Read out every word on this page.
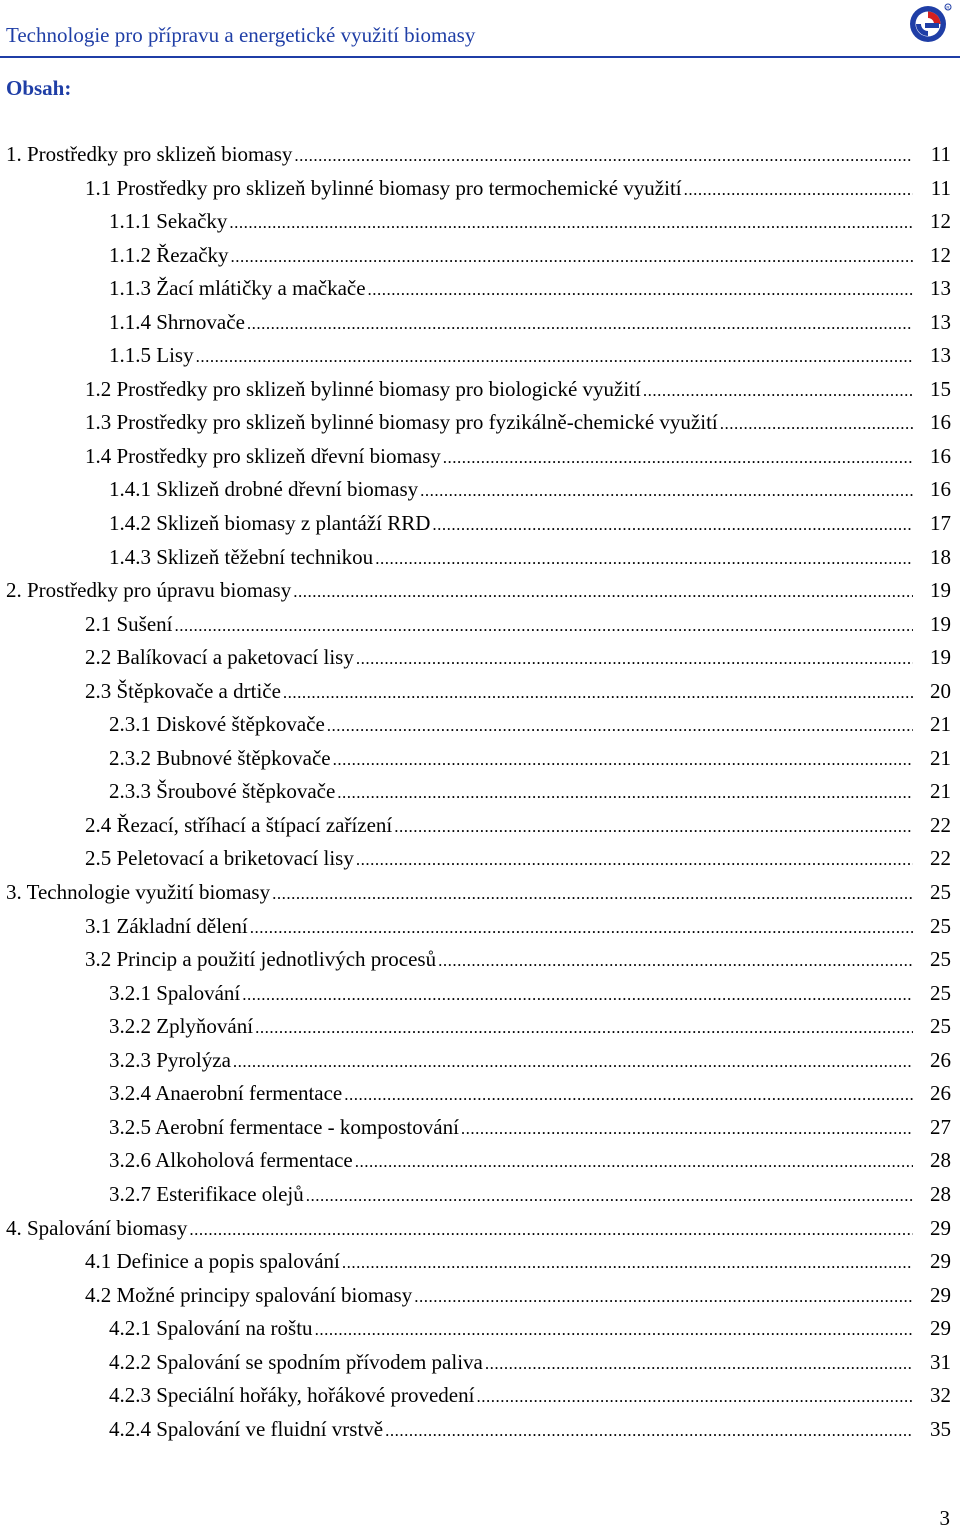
Technologie pro přípravu a energetické využití biomasy
R
Obsah:
1. Prostředky pro sklizeň biomasy .....	11
1.1 Prostředky pro sklizeň bylinné biomasy pro termochemické využití .....	11
1.1.1 Sekačky .....	12
1.1.2 Řezačky .....	12
1.1.3 Žací mlátičky a mačkače .....	13
1.1.4 Shrnovače .....	13
1.1.5 Lisy .....	13
1.2 Prostředky pro sklizeň bylinné biomasy pro biologické využití .....	15
1.3 Prostředky pro sklizeň bylinné biomasy pro fyzikálně-chemické využití .....	16
1.4 Prostředky pro sklizeň dřevní biomasy .....	16
1.4.1 Sklizeň drobné dřevní biomasy .....	16
1.4.2 Sklizeň biomasy z plantáží RRD .....	17
1.4.3 Sklizeň těžební technikou .....	18
2. Prostředky pro úpravu biomasy .....	19
2.1 Sušení .....	19
2.2 Balíkovací a paketovací lisy .....	19
2.3 Štěpkovače a drtiče .....	20
2.3.1 Diskové štěpkovače .....	21
2.3.2 Bubnové štěpkovače .....	21
2.3.3 Šroubové štěpkovače .....	21
2.4 Řezací, stříhací a štípací zařízení .....	22
2.5 Peletovací a briketovací lisy .....	22
3. Technologie využití biomasy .....	25
3.1 Základní dělení .....	25
3.2 Princip a použití jednotlivých procesů .....	25
3.2.1 Spalování .....	25
3.2.2 Zplyňování .....	25
3.2.3 Pyrolýza .....	26
3.2.4 Anaerobní fermentace .....	26
3.2.5 Aerobní fermentace - kompostování .....	27
3.2.6 Alkoholová fermentace .....	28
3.2.7 Esterifikace olejů .....	28
4. Spalování biomasy .....	29
4.1 Definice a popis spalování .....	29
4.2 Možné principy spalování biomasy .....	29
4.2.1 Spalování na roštu .....	29
4.2.2 Spalování se spodním přívodem paliva .....	31
4.2.3 Speciální hořáky, hořákové provedení .....	32
4.2.4 Spalování ve fluidní vrstvě .....	35
3
